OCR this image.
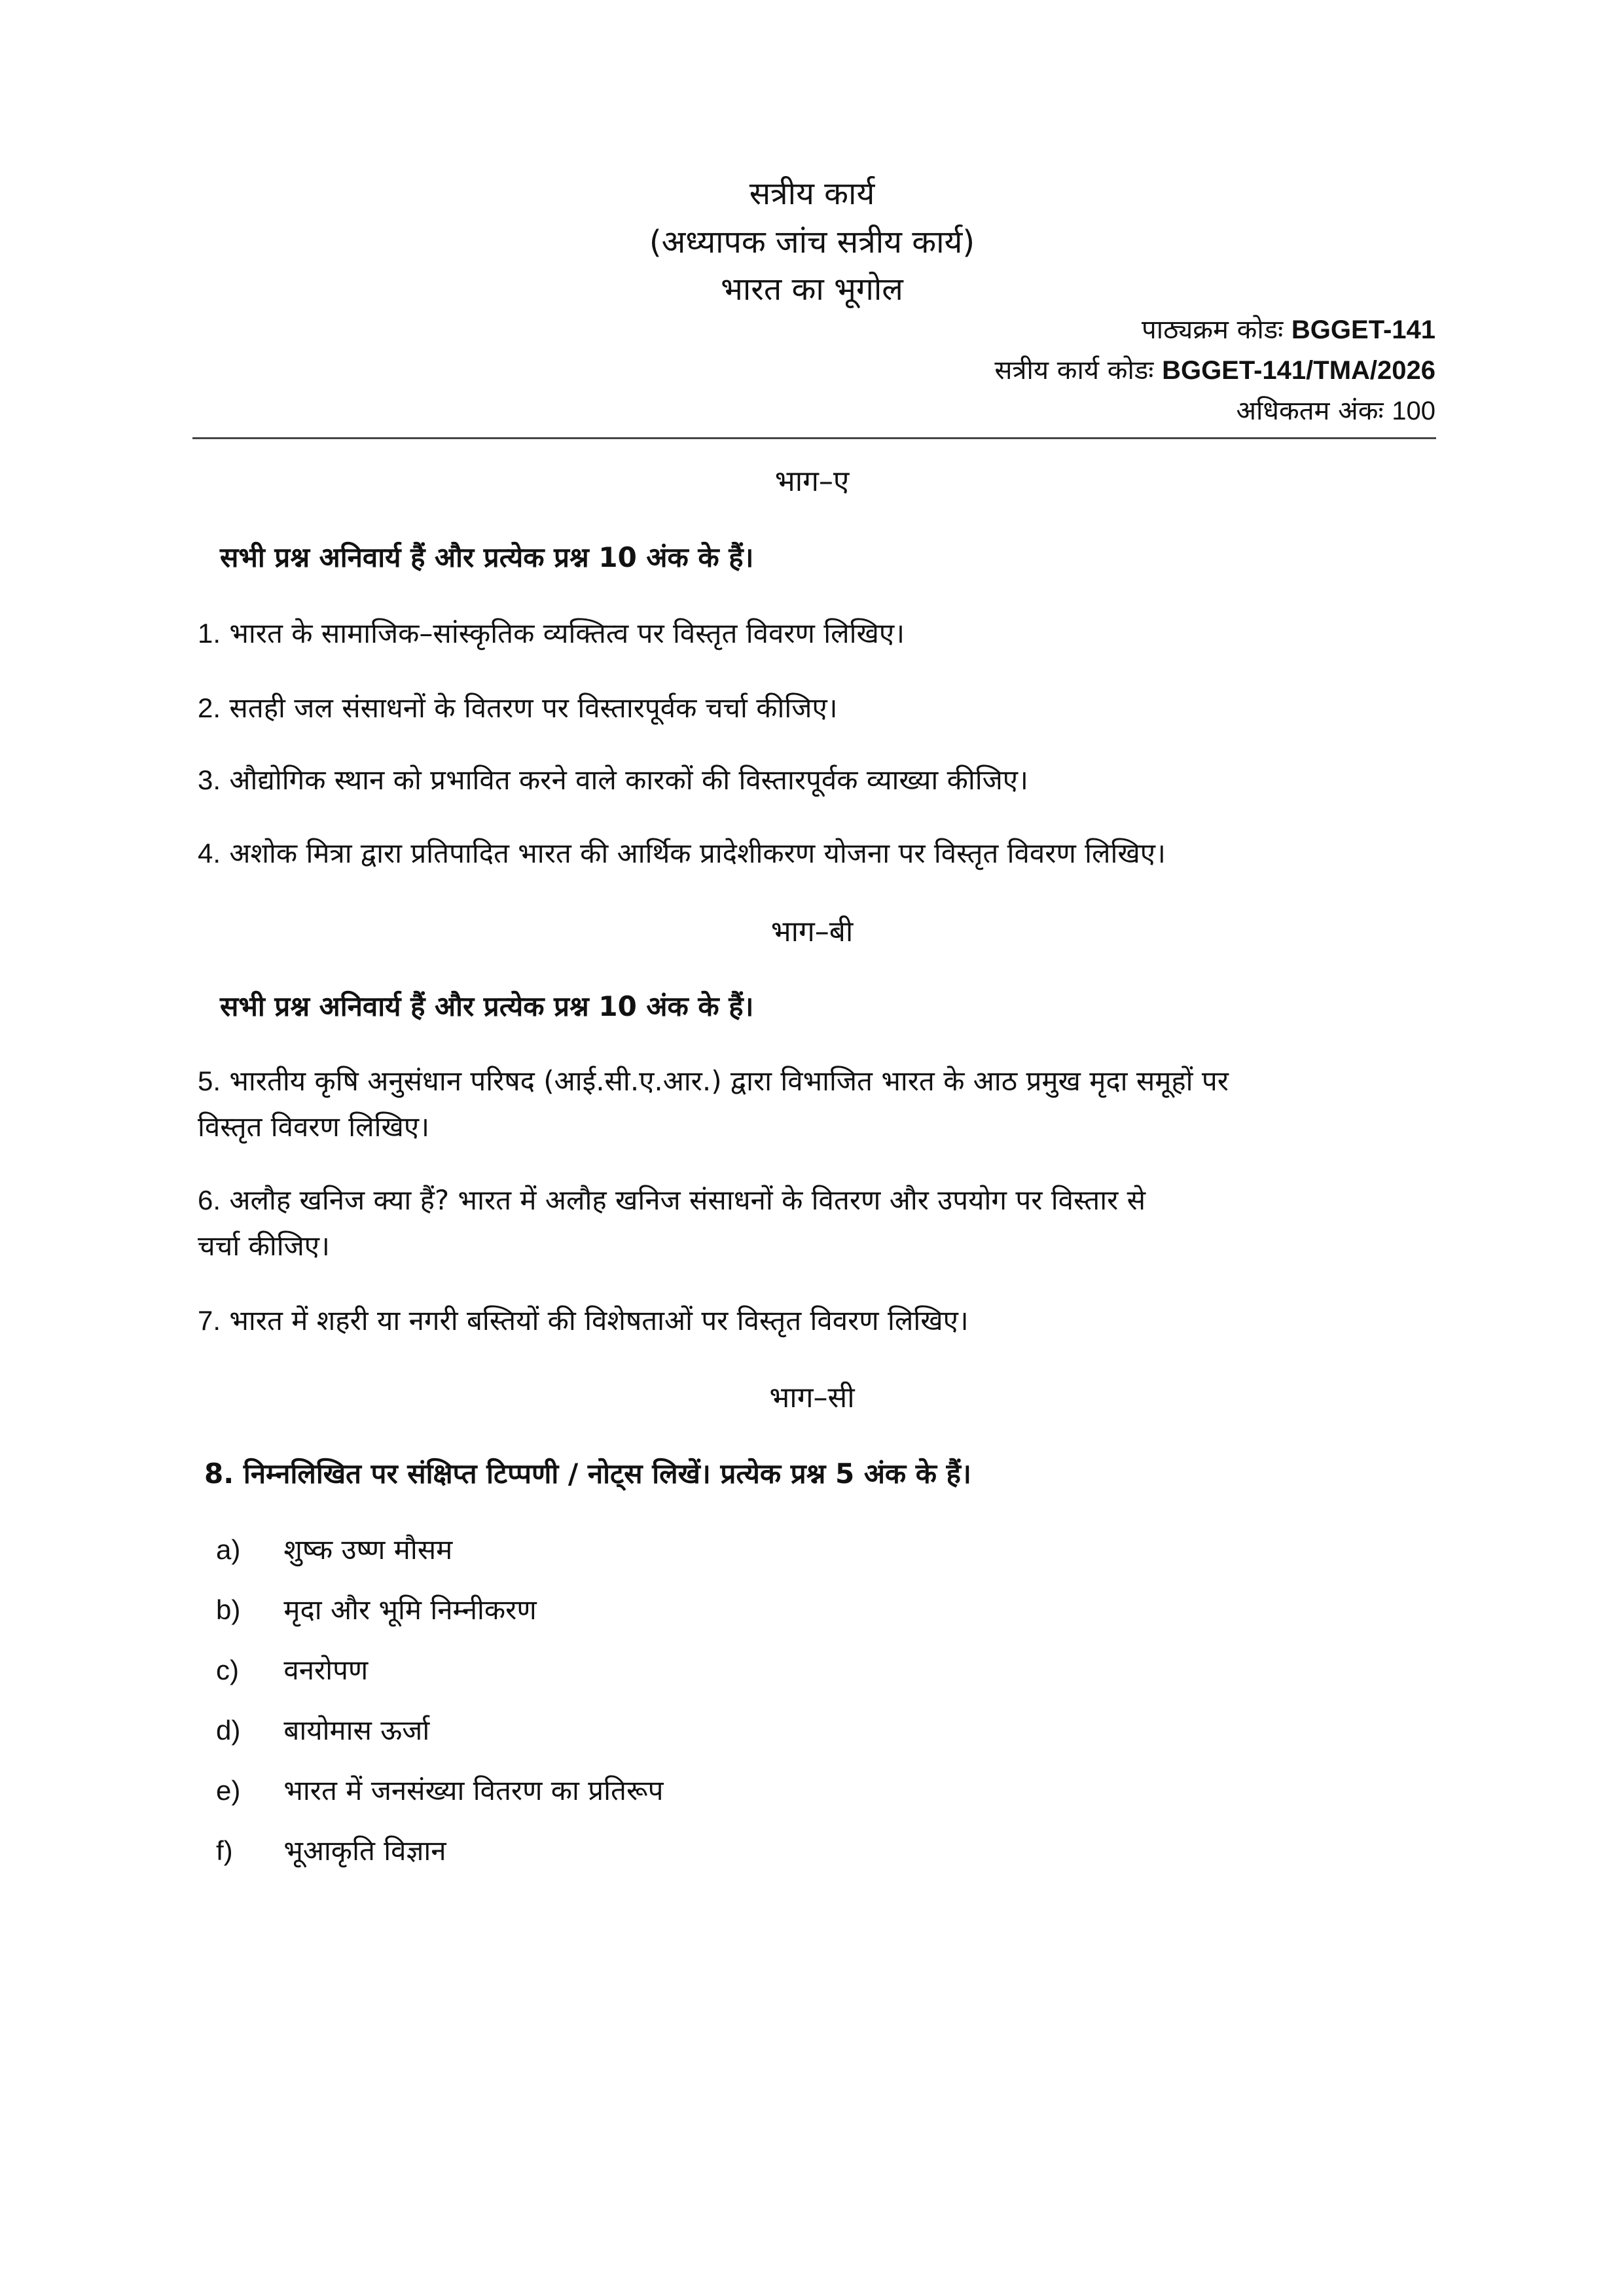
सत्रीय कार्य
(अध्यापक जांच सत्रीय कार्य)
भारत का भूगोल
पाठ्यक्रम कोडः BGGET-141
सत्रीय कार्य कोडः BGGET-141/TMA/2026
अधिकतम अंकः 100
भाग–ए
सभी प्रश्न अनिवार्य हैं और प्रत्येक प्रश्न 10 अंक के हैं।
1. भारत के सामाजिक–सांस्कृतिक व्यक्तित्व पर विस्तृत विवरण लिखिए।
2. सतही जल संसाधनों के वितरण पर विस्तारपूर्वक चर्चा कीजिए।
3. औद्योगिक स्थान को प्रभावित करने वाले कारकों की विस्तारपूर्वक व्याख्या कीजिए।
4. अशोक मित्रा द्वारा प्रतिपादित भारत की आर्थिक प्रादेशीकरण योजना पर विस्तृत विवरण लिखिए।
भाग–बी
सभी प्रश्न अनिवार्य हैं और प्रत्येक प्रश्न 10 अंक के हैं।
5. भारतीय कृषि अनुसंधान परिषद (आई.सी.ए.आर.) द्वारा विभाजित भारत के आठ प्रमुख मृदा समूहों पर
विस्तृत विवरण लिखिए।
6. अलौह खनिज क्या हैं? भारत में अलौह खनिज संसाधनों के वितरण और उपयोग पर विस्तार से
चर्चा कीजिए।
7. भारत में शहरी या नगरी बस्तियों की विशेषताओं पर विस्तृत विवरण लिखिए।
भाग–सी
8. निम्नलिखित पर संक्षिप्त टिप्पणी / नोट्स लिखें। प्रत्येक प्रश्न 5 अंक के हैं।
a) शुष्क उष्ण मौसम
b) मृदा और भूमि निम्नीकरण
c) वनरोपण
d) बायोमास ऊर्जा
e) भारत में जनसंख्या वितरण का प्रतिरूप
f) भूआकृति विज्ञान
